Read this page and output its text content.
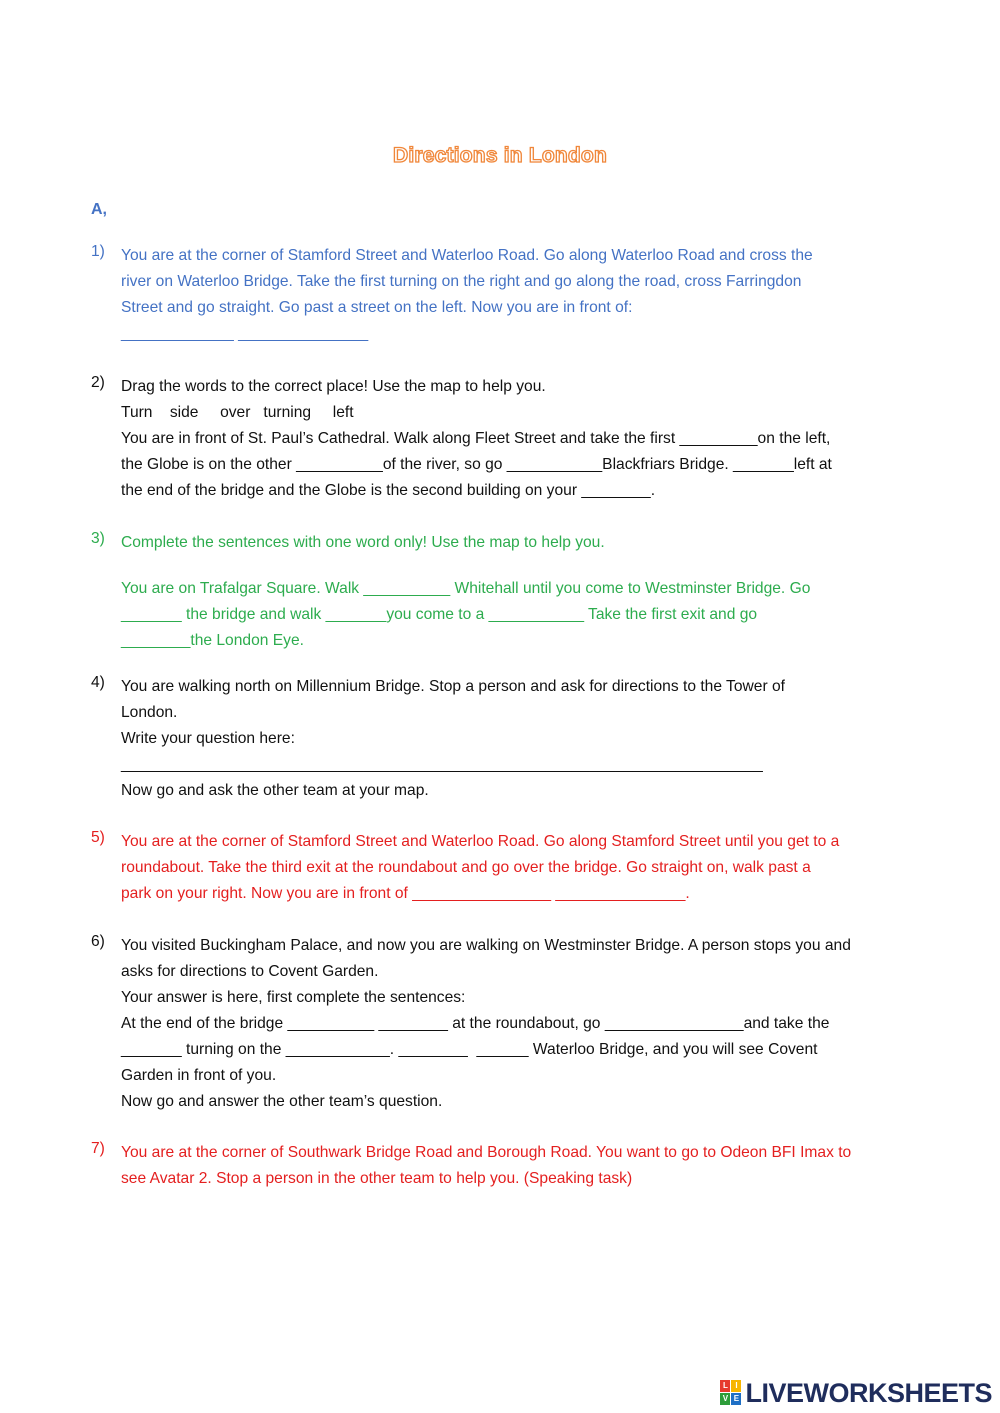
Directions in London
A,
1) You are at the corner of Stamford Street and Waterloo Road. Go along Waterloo Road and cross the
river on Waterloo Bridge. Take the first turning on the right and go along the road, cross Farringdon
Street and go straight. Go past a street on the left. Now you are in front of:
_____________ _______________
2) Drag the words to the correct place! Use the map to help you.
Turn    side     over   turning     left
You are in front of St. Paul’s Cathedral. Walk along Fleet Street and take the first _________on the left,
the Globe is on the other __________of the river, so go ___________Blackfriars Bridge. _______left at
the end of the bridge and the Globe is the second building on your ________.
3) Complete the sentences with one word only! Use the map to help you.
You are on Trafalgar Square. Walk __________ Whitehall until you come to Westminster Bridge. Go
_______ the bridge and walk _______you come to a ___________ Take the first exit and go
________the London Eye.
4) You are walking north on Millennium Bridge. Stop a person and ask for directions to the Tower of
London.
Write your question here:
__________________________________________________________________________
Now go and ask the other team at your map.
5) You are at the corner of Stamford Street and Waterloo Road. Go along Stamford Street until you get to a
roundabout. Take the third exit at the roundabout and go over the bridge. Go straight on, walk past a
park on your right. Now you are in front of ________________ _______________.
6) You visited Buckingham Palace, and now you are walking on Westminster Bridge. A person stops you and
asks for directions to Covent Garden.
Your answer is here, first complete the sentences:
At the end of the bridge __________ ________ at the roundabout, go ________________and take the
_______ turning on the ____________. ________  ______ Waterloo Bridge, and you will see Covent
Garden in front of you.
Now go and answer the other team’s question.
7) You are at the corner of Southwark Bridge Road and Borough Road. You want to go to Odeon BFI Imax to
see Avatar 2. Stop a person in the other team to help you. (Speaking task)
L I
V E LIVEWORKSHEETS
